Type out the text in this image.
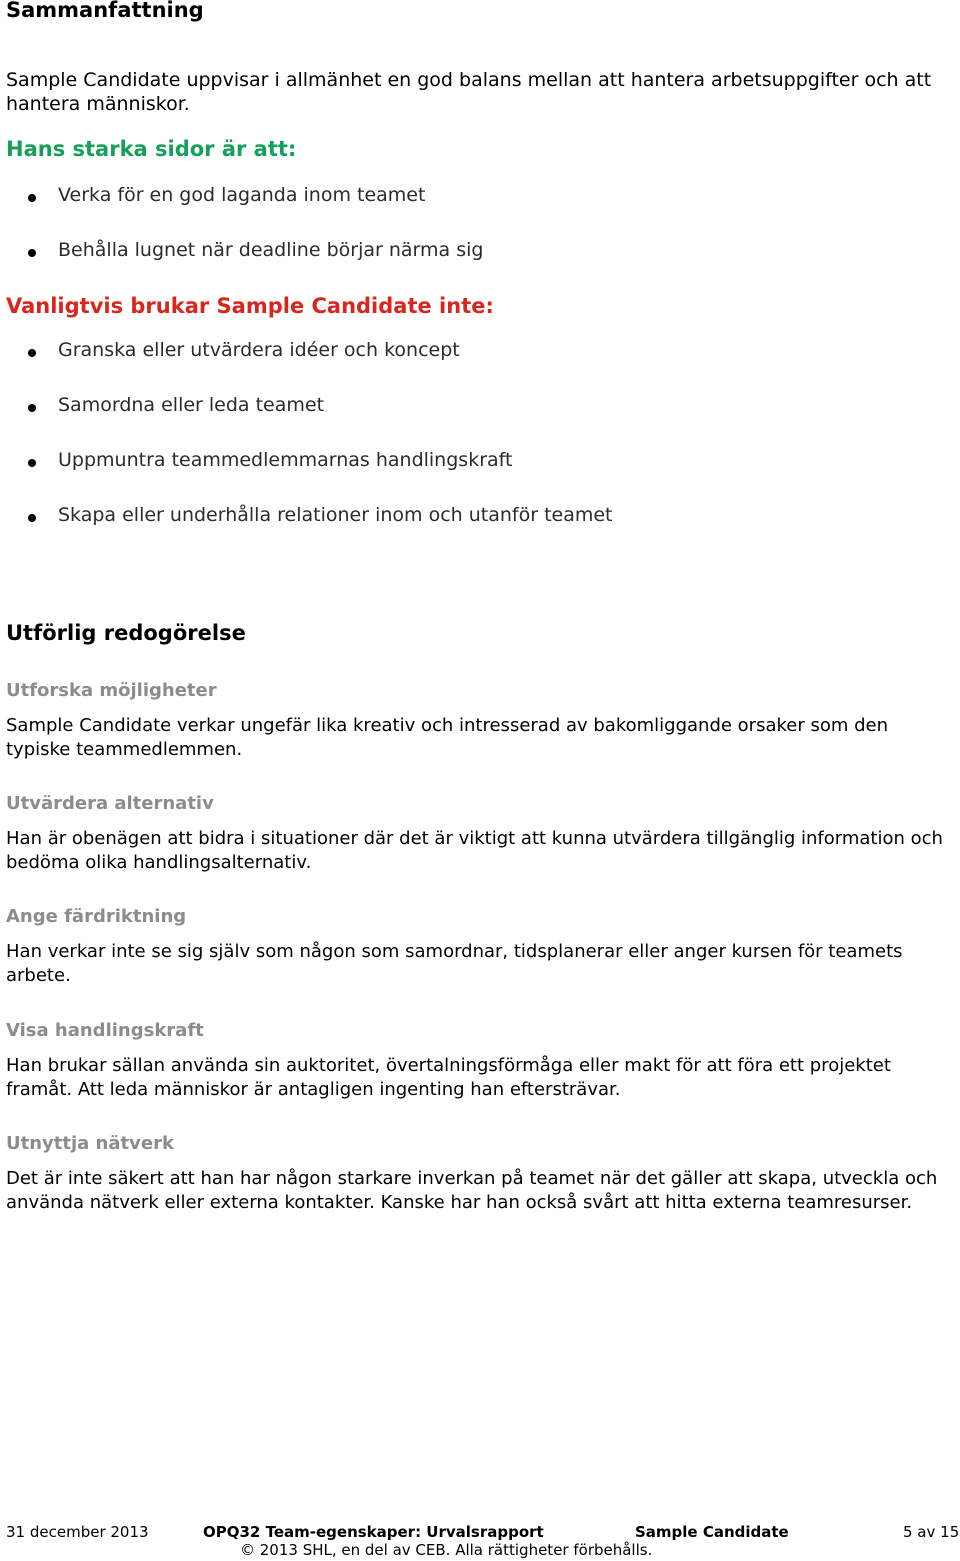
Sammanfattning
Sample Candidate uppvisar i allmänhet en god balans mellan att hantera arbetsuppgifter och att hantera människor.
Hans starka sidor är att:
Verka för en god laganda inom teamet
Behålla lugnet när deadline börjar närma sig
Vanligtvis brukar Sample Candidate inte:
Granska eller utvärdera idéer och koncept
Samordna eller leda teamet
Uppmuntra teammedlemmarnas handlingskraft
Skapa eller underhålla relationer inom och utanför teamet
Utförlig redogörelse
Utforska möjligheter
Sample Candidate verkar ungefär lika kreativ och intresserad av bakomliggande orsaker som den typiske teammedlemmen.
Utvärdera alternativ
Han är obenägen att bidra i situationer där det är viktigt att kunna utvärdera tillgänglig information och bedöma olika handlingsalternativ.
Ange färdriktning
Han verkar inte se sig själv som någon som samordnar, tidsplanerar eller anger kursen för teamets arbete.
Visa handlingskraft
Han brukar sällan använda sin auktoritet, övertalningsförmåga eller makt för att föra ett projektet framåt. Att leda människor är antagligen ingenting han eftersträvar.
Utnyttja nätverk
Det är inte säkert att han har någon starkare inverkan på teamet när det gäller att skapa, utveckla och använda nätverk eller externa kontakter. Kanske har han också svårt att hitta externa teamresurser.
31 december 2013	OPQ32 Team-egenskaper: Urvalsrapport	Sample Candidate	5 av 15
© 2013 SHL, en del av CEB. Alla rättigheter förbehålls.
